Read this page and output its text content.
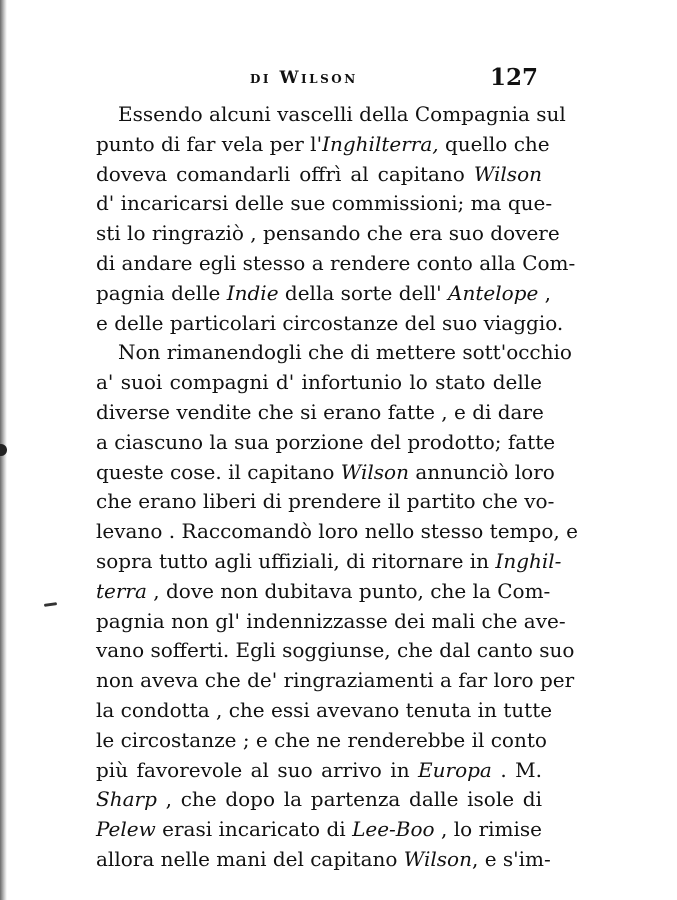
di Wilson	127
Essendo alcuni vascelli della Compagnia sul
punto di far vela per l'Inghilterra, quello che
doveva comandarli offrì al capitano Wilson
d' incaricarsi delle sue commissioni; ma que-
sti lo ringraziò , pensando che era suo dovere
di andare egli stesso a rendere conto alla Com-
pagnia delle Indie della sorte dell' Antelope ,
e delle particolari circostanze del suo viaggio.
Non rimanendogli che di mettere sott'occhio
a' suoi compagni d' infortunio lo stato delle
diverse vendite che si erano fatte , e di dare
a ciascuno la sua porzione del prodotto; fatte
queste cose. il capitano Wilson annunciò loro
che erano liberi di prendere il partito che vo-
levano . Raccomandò loro nello stesso tempo, e
sopra tutto agli uffiziali, di ritornare in Inghil-
terra , dove non dubitava punto, che la Com-
pagnia non gl' indennizzasse dei mali che ave-
vano sofferti. Egli soggiunse, che dal canto suo
non aveva che de' ringraziamenti a far loro per
la condotta , che essi avevano tenuta in tutte
le circostanze ; e che ne renderebbe il conto
più favorevole al suo arrivo in Europa . M.
Sharp , che dopo la partenza dalle isole di
Pelew erasi incaricato di Lee-Boo , lo rimise
allora nelle mani del capitano Wilson, e s'im-
